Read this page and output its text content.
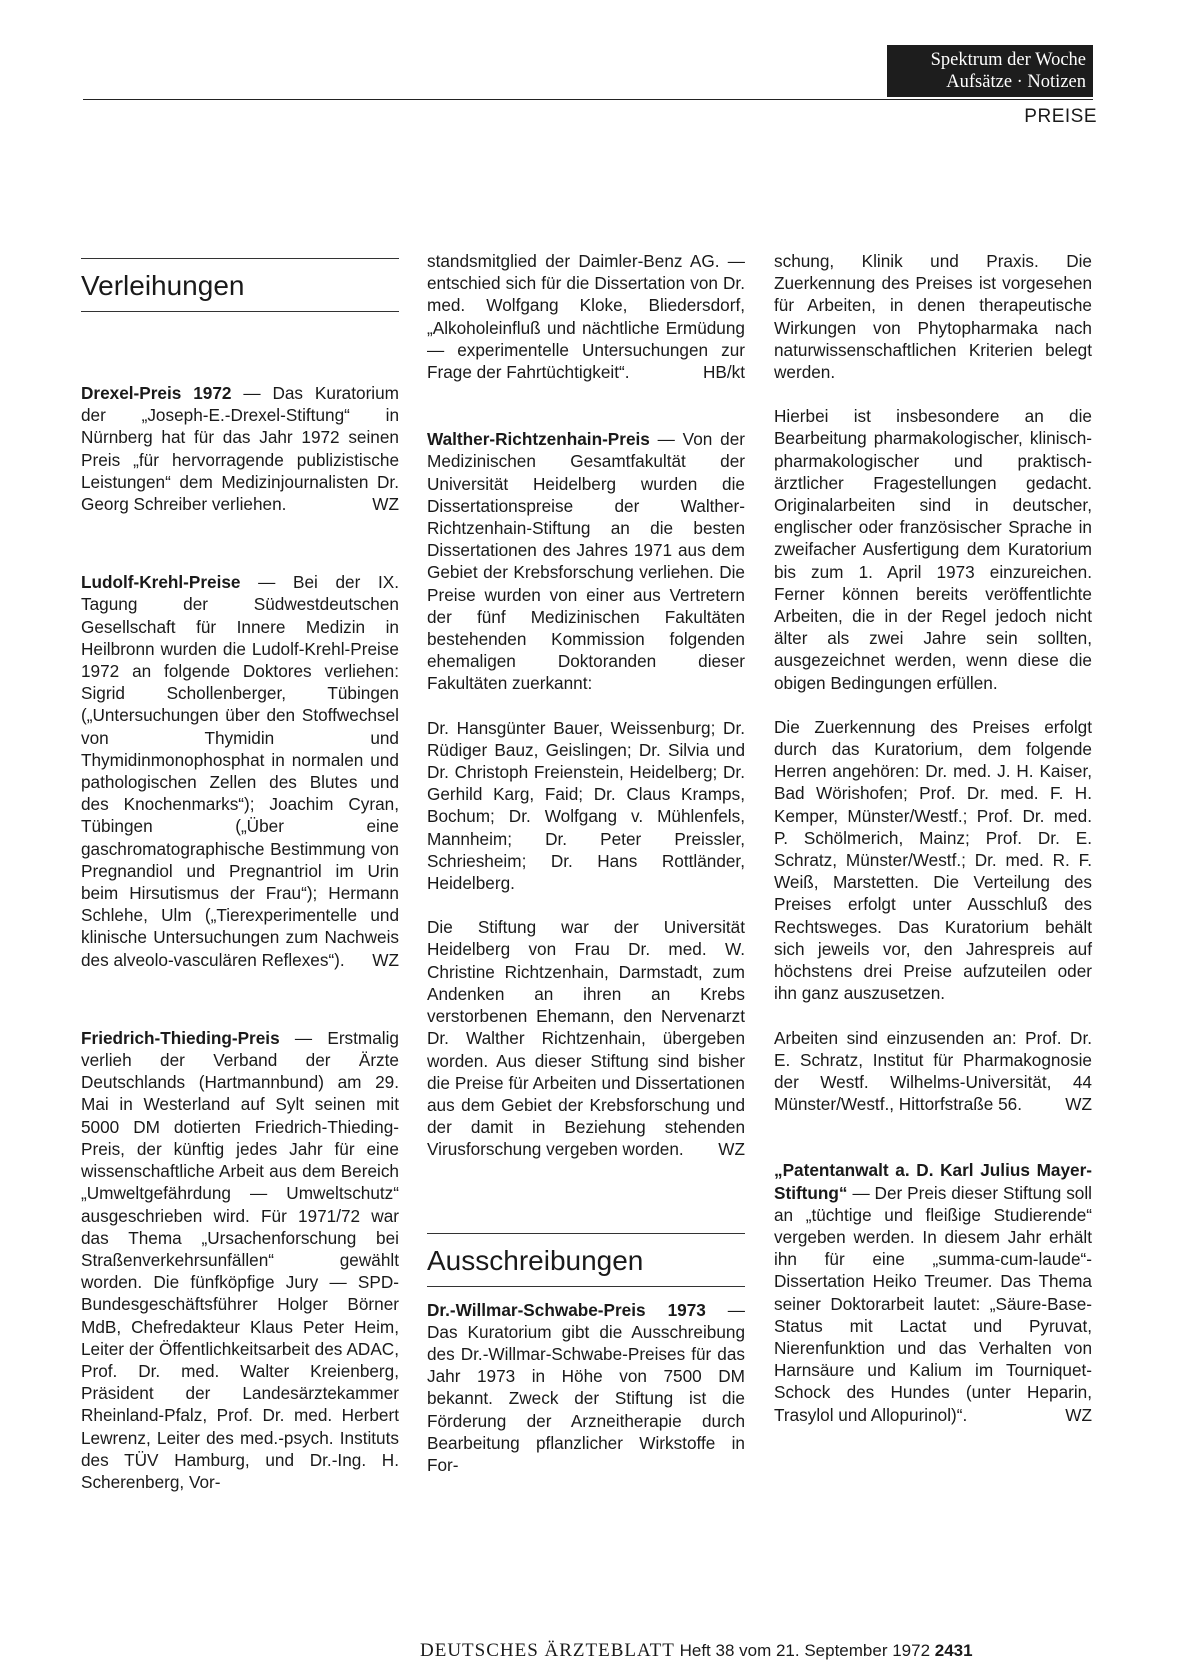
Spektrum der Woche
Aufsätze · Notizen
PREISE
Verleihungen

Drexel-Preis 1972 — Das Kuratorium der „Joseph-E.-Drexel-Stiftung“ in Nürnberg hat für das Jahr 1972 seinen Preis „für hervorragende publizistische Leistungen“ dem Medizinjournalisten Dr. Georg Schreiber verliehen.	WZ

Ludolf-Krehl-Preise — Bei der IX. Tagung der Südwestdeutschen Gesellschaft für Innere Medizin in Heilbronn wurden die Ludolf-Krehl-Preise 1972 an folgende Doktores verliehen: Sigrid Schollenberger, Tübingen („Untersuchungen über den Stoffwechsel von Thymidin und Thymidinmonophosphat in normalen und pathologischen Zellen des Blutes und des Knochenmarks“); Joachim Cyran, Tübingen („Über eine gaschromatographische Bestimmung von Pregnandiol und Pregnantriol im Urin beim Hirsutismus der Frau“); Hermann Schlehe, Ulm („Tierexperimentelle und klinische Untersuchungen zum Nachweis des alveolo-vasculären Reflexes“). WZ

Friedrich-Thieding-Preis — Erstmalig verlieh der Verband der Ärzte Deutschlands (Hartmannbund) am 29. Mai in Westerland auf Sylt seinen mit 5000 DM dotierten Friedrich-Thieding-Preis, der künftig jedes Jahr für eine wissenschaftliche Arbeit aus dem Bereich „Umweltgefährdung — Umweltschutz“ ausgeschrieben wird. Für 1971/72 war das Thema „Ursachenforschung bei Straßenverkehrsunfällen“ gewählt worden. Die fünfköpfige Jury — SPD-Bundesgeschäftsführer Holger Börner MdB, Chefredakteur Klaus Peter Heim, Leiter der Öffentlichkeitsarbeit des ADAC, Prof. Dr. med. Walter Kreienberg, Präsident der Landesärztekammer Rheinland-Pfalz, Prof. Dr. med. Herbert Lewrenz, Leiter des med.-psych. Instituts des TÜV Hamburg, und Dr.-Ing. H. Scherenberg, Vor-

standsmitglied der Daimler-Benz AG. — entschied sich für die Dissertation von Dr. med. Wolfgang Kloke, Bliedersdorf, „Alkoholeinfluß und nächtliche Ermüdung — experimentelle Untersuchungen zur Frage der Fahrtüchtigkeit“.	HB/kt

Walther-Richtzenhain-Preis — Von der Medizinischen Gesamtfakultät der Universität Heidelberg wurden die Dissertationspreise der Walther-Richtzenhain-Stiftung an die besten Dissertationen des Jahres 1971 aus dem Gebiet der Krebsforschung verliehen. Die Preise wurden von einer aus Vertretern der fünf Medizinischen Fakultäten bestehenden Kommission folgenden ehemaligen Doktoranden dieser Fakultäten zuerkannt:

Dr. Hansgünter Bauer, Weissenburg; Dr. Rüdiger Bauz, Geislingen; Dr. Silvia und Dr. Christoph Freienstein, Heidelberg; Dr. Gerhild Karg, Faid; Dr. Claus Kramps, Bochum; Dr. Wolfgang v. Mühlenfels, Mannheim; Dr. Peter Preissler, Schriesheim; Dr. Hans Rottländer, Heidelberg.

Die Stiftung war der Universität Heidelberg von Frau Dr. med. W. Christine Richtzenhain, Darmstadt, zum Andenken an ihren an Krebs verstorbenen Ehemann, den Nervenarzt Dr. Walther Richtzenhain, übergeben worden. Aus dieser Stiftung sind bisher die Preise für Arbeiten und Dissertationen aus dem Gebiet der Krebsforschung und der damit in Beziehung stehenden Virusforschung vergeben worden. WZ

Ausschreibungen

Dr.-Willmar-Schwabe-Preis 1973 — Das Kuratorium gibt die Ausschreibung des Dr.-Willmar-Schwabe-Preises für das Jahr 1973 in Höhe von 7500 DM bekannt. Zweck der Stiftung ist die Förderung der Arzneitherapie durch Bearbeitung pflanzlicher Wirkstoffe in For-

schung, Klinik und Praxis. Die Zuerkennung des Preises ist vorgesehen für Arbeiten, in denen therapeutische Wirkungen von Phytopharmaka nach naturwissenschaftlichen Kriterien belegt werden.

Hierbei ist insbesondere an die Bearbeitung pharmakologischer, klinisch-pharmakologischer und praktisch-ärztlicher Fragestellungen gedacht. Originalarbeiten sind in deutscher, englischer oder französischer Sprache in zweifacher Ausfertigung dem Kuratorium bis zum 1. April 1973 einzureichen. Ferner können bereits veröffentlichte Arbeiten, die in der Regel jedoch nicht älter als zwei Jahre sein sollten, ausgezeichnet werden, wenn diese die obigen Bedingungen erfüllen.

Die Zuerkennung des Preises erfolgt durch das Kuratorium, dem folgende Herren angehören: Dr. med. J. H. Kaiser, Bad Wörishofen; Prof. Dr. med. F. H. Kemper, Münster/Westf.; Prof. Dr. med. P. Schölmerich, Mainz; Prof. Dr. E. Schratz, Münster/Westf.; Dr. med. R. F. Weiß, Marstetten. Die Verteilung des Preises erfolgt unter Ausschluß des Rechtsweges. Das Kuratorium behält sich jeweils vor, den Jahrespreis auf höchstens drei Preise aufzuteilen oder ihn ganz auszusetzen.

Arbeiten sind einzusenden an: Prof. Dr. E. Schratz, Institut für Pharmakognosie der Westf. Wilhelms-Universität, 44 Münster/Westf., Hittorfstraße 56.	WZ

„Patentanwalt a. D. Karl Julius Mayer-Stiftung“ — Der Preis dieser Stiftung soll an „tüchtige und fleißige Studierende“ vergeben werden. In diesem Jahr erhält ihn für eine „summa-cum-laude“-Dissertation Heiko Treumer. Das Thema seiner Doktorarbeit lautet: „Säure-Base-Status mit Lactat und Pyruvat, Nierenfunktion und das Verhalten von Harnsäure und Kalium im Tourniquet-Schock des Hundes (unter Heparin, Trasylol und Allopurinol)“.	WZ

DEUTSCHES ÄRZTEBLATT Heft 38 vom 21. September 1972 2431
